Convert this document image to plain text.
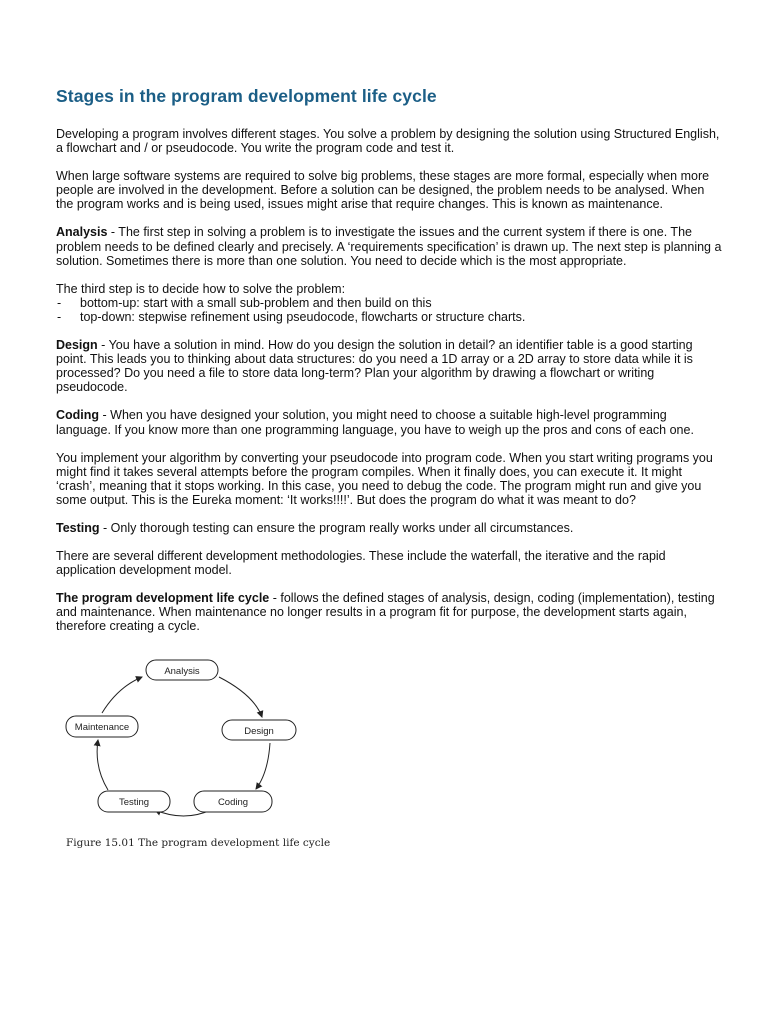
Stages in the program development life cycle

Developing a program involves different stages. You solve a problem by designing the solution using Structured English, a flowchart and / or pseudocode. You write the program code and test it.

When large software systems are required to solve big problems, these stages are more formal, especially when more people are involved in the development. Before a solution can be designed, the problem needs to be analysed. When the program works and is being used, issues might arise that require changes. This is known as maintenance.

Analysis - The first step in solving a problem is to investigate the issues and the current system if there is one. The problem needs to be defined clearly and precisely. A ‘requirements specification’ is drawn up. The next step is planning a solution. Sometimes there is more than one solution. You need to decide which is the most appropriate.

The third step is to decide how to solve the problem:

- bottom-up: start with a small sub-problem and then build on this
- top-down: stepwise refinement using pseudocode, flowcharts or structure charts.

Design - You have a solution in mind. How do you design the solution in detail? an identifier table is a good starting point. This leads you to thinking about data structures: do you need a 1D array or a 2D array to store data while it is processed? Do you need a file to store data long-term? Plan your algorithm by drawing a flowchart or writing pseudocode.

Coding - When you have designed your solution, you might need to choose a suitable high-level programming language. If you know more than one programming language, you have to weigh up the pros and cons of each one.

You implement your algorithm by converting your pseudocode into program code. When you start writing programs you might find it takes several attempts before the program compiles. When it finally does, you can execute it. It might ‘crash’, meaning that it stops working. In this case, you need to debug the code. The program might run and give you some output. This is the Eureka moment: ‘It works!!!!’. But does the program do what it was meant to do?

Testing - Only thorough testing can ensure the program really works under all circumstances.

There are several different development methodologies. These include the waterfall, the iterative and the rapid application development model.

The program development life cycle - follows the defined stages of analysis, design, coding (implementation), testing and maintenance. When maintenance no longer results in a program fit for purpose, the development starts again, therefore creating a cycle.

Analysis
Design
Coding
Testing
Maintenance
Figure 15.01 The program development life cycle
